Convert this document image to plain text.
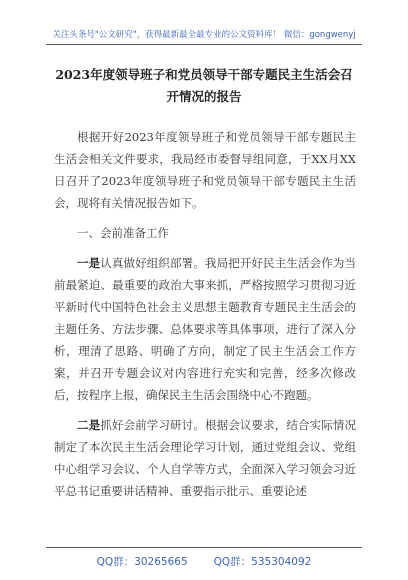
关注头条号"公文研究"，获得最新最全最专业的公文资料库！ 微信：gongwenyj
2023年度领导班子和党员领导干部专题民主生活会召开情况的报告

根据开好2023年度领导班子和党员领导干部专题民主生活会相关文件要求，我局经市委督导组同意，于XX月XX日召开了2023年度领导班子和党员领导干部专题民主生活会，现将有关情况报告如下。

一、会前准备工作

一是认真做好组织部署。我局把开好民主生活会作为当前最紧迫、最重要的政治大事来抓，严格按照学习贯彻习近平新时代中国特色社会主义思想主题教育专题民主生活会的主题任务、方法步骤、总体要求等具体事项，进行了深入分析，理清了思路、明确了方向，制定了民主生活会工作方案，并召开专题会议对内容进行充实和完善，经多次修改后，按程序上报，确保民主生活会围绕中心不跑题。

二是抓好会前学习研讨。根据会议要求，结合实际情况制定了本次民主生活会理论学习计划，通过党组会议、党组中心组学习会议、个人自学等方式，全面深入学习领会习近平总书记重要讲话精神、重要指示批示、重要论述

QQ群：30265665 QQ群：535304092
